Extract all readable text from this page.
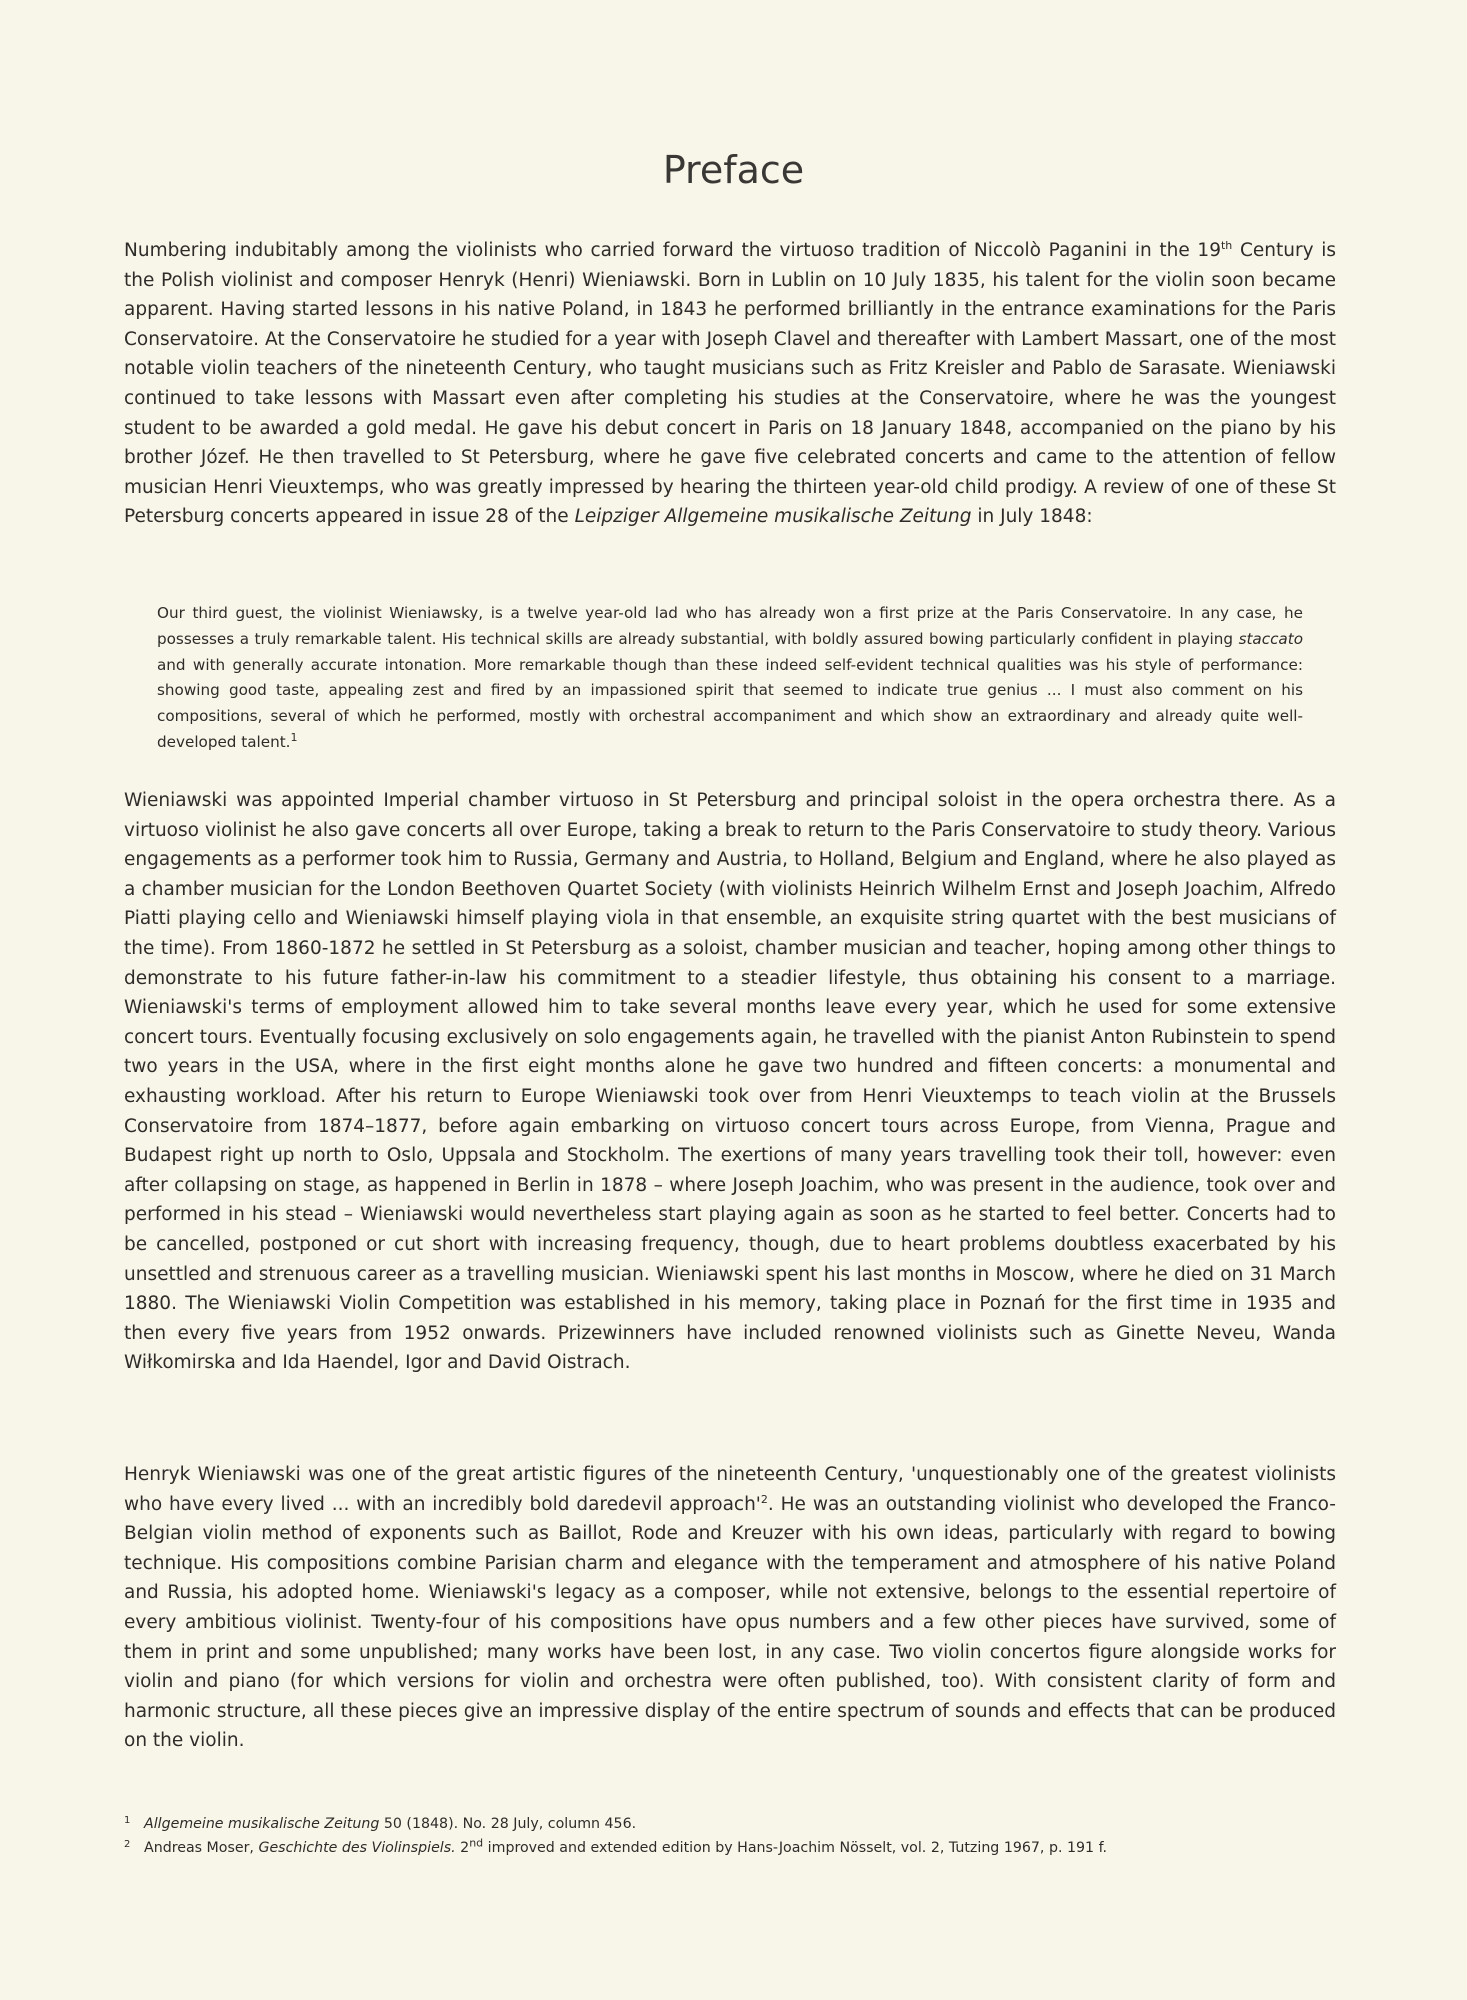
Preface

Numbering indubitably among the violinists who carried forward the virtuoso tradition of Niccolò Paganini in the 19th Century is the Polish violinist and composer Henryk (Henri) Wieniawski. Born in Lublin on 10 July 1835, his talent for the violin soon became apparent. Having started lessons in his native Poland, in 1843 he performed brilliantly in the entrance examinations for the Paris Conservatoire. At the Conservatoire he studied for a year with Joseph Clavel and thereafter with Lambert Massart, one of the most notable violin teachers of the nineteenth Century, who taught musicians such as Fritz Kreisler and Pablo de Sarasate. Wieniawski continued to take lessons with Massart even after completing his studies at the Conservatoire, where he was the youngest student to be awarded a gold medal. He gave his debut concert in Paris on 18 January 1848, accompanied on the piano by his brother Józef. He then travelled to St Petersburg, where he gave five celebrated concerts and came to the attention of fellow musician Henri Vieuxtemps, who was greatly impressed by hearing the thirteen year-old child prodigy. A review of one of these St Petersburg concerts appeared in issue 28 of the Leipziger Allgemeine musikalische Zeitung in July 1848:

Our third guest, the violinist Wieniawsky, is a twelve year-old lad who has already won a first prize at the Paris Conservatoire. In any case, he possesses a truly remarkable talent. His technical skills are already substantial, with boldly assured bowing particularly confident in playing staccato and with generally accurate intonation. More remarkable though than these indeed self-evident technical qualities was his style of performance: showing good taste, appealing zest and fired by an impassioned spirit that seemed to indicate true genius ... I must also comment on his compositions, several of which he performed, mostly with orchestral accompaniment and which show an extraordinary and already quite well-developed talent.$^1$

Wieniawski was appointed Imperial chamber virtuoso in St Petersburg and principal soloist in the opera orchestra there. As a virtuoso violinist he also gave concerts all over Europe, taking a break to return to the Paris Conservatoire to study theory. Various engagements as a performer took him to Russia, Germany and Austria, to Holland, Belgium and England, where he also played as a chamber musician for the London Beethoven Quartet Society (with violinists Heinrich Wilhelm Ernst and Joseph Joachim, Alfredo Piatti playing cello and Wieniawski himself playing viola in that ensemble, an exquisite string quartet with the best musicians of the time). From 1860-1872 he settled in St Petersburg as a soloist, chamber musician and teacher, hoping among other things to demonstrate to his future father-in-law his commitment to a steadier lifestyle, thus obtaining his consent to a marriage. Wieniawski's terms of employment allowed him to take several months leave every year, which he used for some extensive concert tours. Eventually focusing exclusively on solo engagements again, he travelled with the pianist Anton Rubinstein to spend two years in the USA, where in the first eight months alone he gave two hundred and fifteen concerts: a monumental and exhausting workload. After his return to Europe Wieniawski took over from Henri Vieuxtemps to teach violin at the Brussels Conservatoire from 1874–1877, before again embarking on virtuoso concert tours across Europe, from Vienna, Prague and Budapest right up north to Oslo, Uppsala and Stockholm. The exertions of many years travelling took their toll, however: even after collapsing on stage, as happened in Berlin in 1878 – where Joseph Joachim, who was present in the audience, took over and performed in his stead – Wieniawski would nevertheless start playing again as soon as he started to feel better. Concerts had to be cancelled, postponed or cut short with increasing frequency, though, due to heart problems doubtless exacerbated by his unsettled and strenuous career as a travelling musician. Wieniawski spent his last months in Moscow, where he died on 31 March 1880. The Wieniawski Violin Competition was established in his memory, taking place in Poznań for the first time in 1935 and then every five years from 1952 onwards. Prizewinners have included renowned violinists such as Ginette Neveu, Wanda Wiłkomirska and Ida Haendel, Igor and David Oistrach.

Henryk Wieniawski was one of the great artistic figures of the nineteenth Century, 'unquestionably one of the greatest violinists who have every lived ... with an incredibly bold daredevil $approach'^2$. He was an outstanding violinist who developed the Franco-Belgian violin method of exponents such as Baillot, Rode and Kreuzer with his own ideas, particularly with regard to bowing technique. His compositions combine Parisian charm and elegance with the temperament and atmosphere of his native Poland and Russia, his adopted home. Wieniawski's legacy as a composer, while not extensive, belongs to the essential repertoire of every ambitious violinist. Twenty-four of his compositions have opus numbers and a few other pieces have survived, some of them in print and some unpublished; many works have been lost, in any case. Two violin concertos figure alongside works for violin and piano (for which versions for violin and orchestra were often published, too). With consistent clarity of form and harmonic structure, all these pieces give an impressive display of the entire spectrum of sounds and effects that can be produced on the violin.

1 Allgemeine musikalische Zeitung 50 (1848). No. 28 July, column 456.
2 Andreas Moser, Geschichte des Violinspiels. 2nd improved and extended edition by Hans-Joachim Nösselt, vol. 2, Tutzing 1967, p. 191 f.
